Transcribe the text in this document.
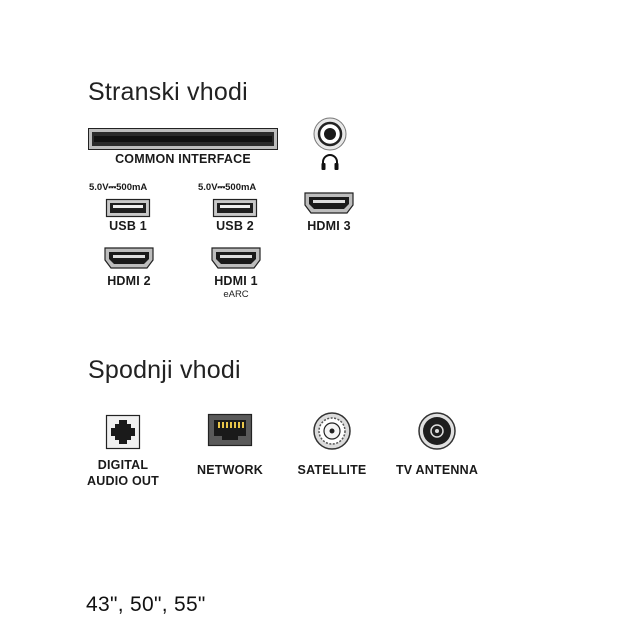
Stranski vhodi
COMMON INTERFACE
5.0V⎓500mA
USB 1
5.0V⎓500mA
USB 2	HDMI 3
HDMI 2	HDMI 1
eARC
Spodnji vhodi
DIGITAL
AUDIO OUT
NETWORK	SATELLITE	TV ANTENNA
43", 50", 55"
